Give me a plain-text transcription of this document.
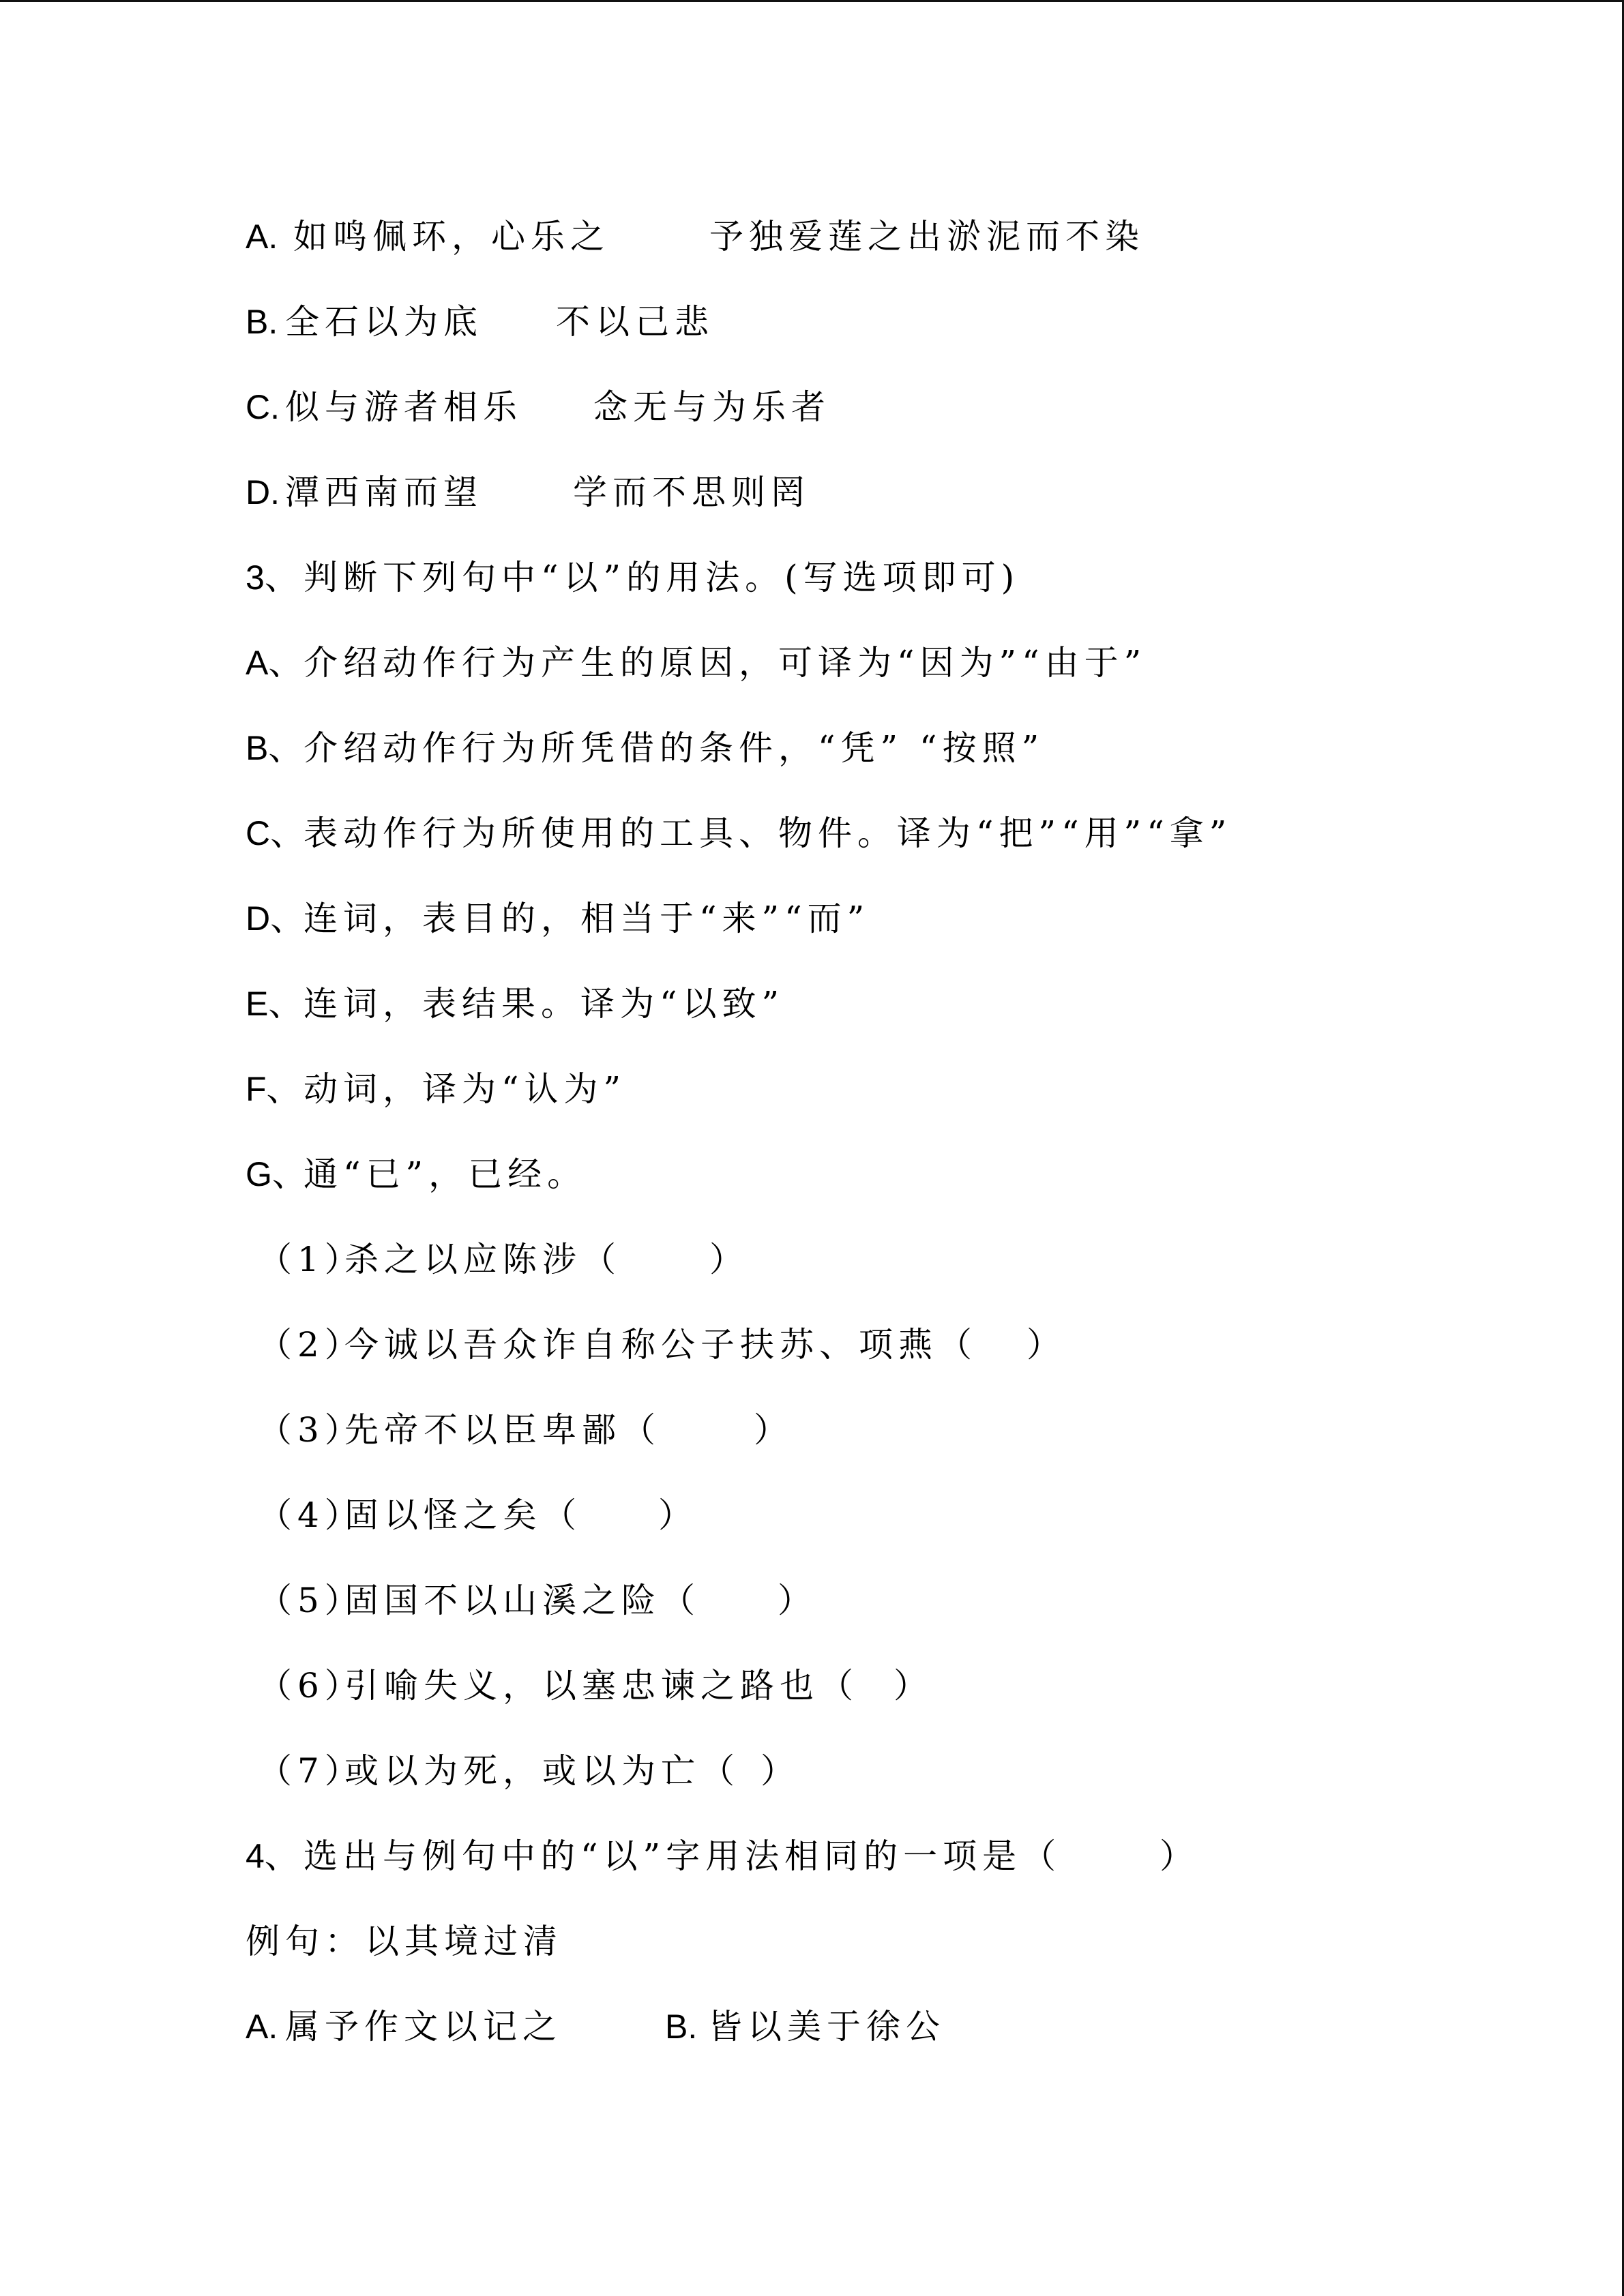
A. 如鸣佩环，心乐之	予独爱莲之出淤泥而不染
B. 全石以为底 不以己悲
C. 似与游者相乐 念无与为乐者
D. 潭西南而望	学而不思则罔
3、 判断下列句中“以”的用法。(写选项即可)
A、 介绍动作行为产生的原因，可译为“因为”“由于”
B、 介绍动作行为所凭借的条件，“凭” “按照”
C、
表动作行为所使用的工具、物件。译为“把”“用”“拿”
D、
连词，表目的，相当于“来”“而”
E、 连词，表结果。译为“以致”
F、 动词，译为“认为”
G、
通“已”，已经。
（1）
杀之以应陈涉（	）
（2）
今诚以吾众诈自称公子扶苏、项燕（ ）
（3）
先帝不以臣卑鄙（	）
（4）
固以怪之矣（ ）
（5）
固国不以山溪之险（ ）
（6）
引喻失义，以塞忠谏之路也（ ）
（7）
或以为死，或以为亡（ ）
4、 选出与例句中的“以”字用法相同的一项是（	）
例句： 以其境过清
A. 属予作文以记之	B. 皆以美于徐公
